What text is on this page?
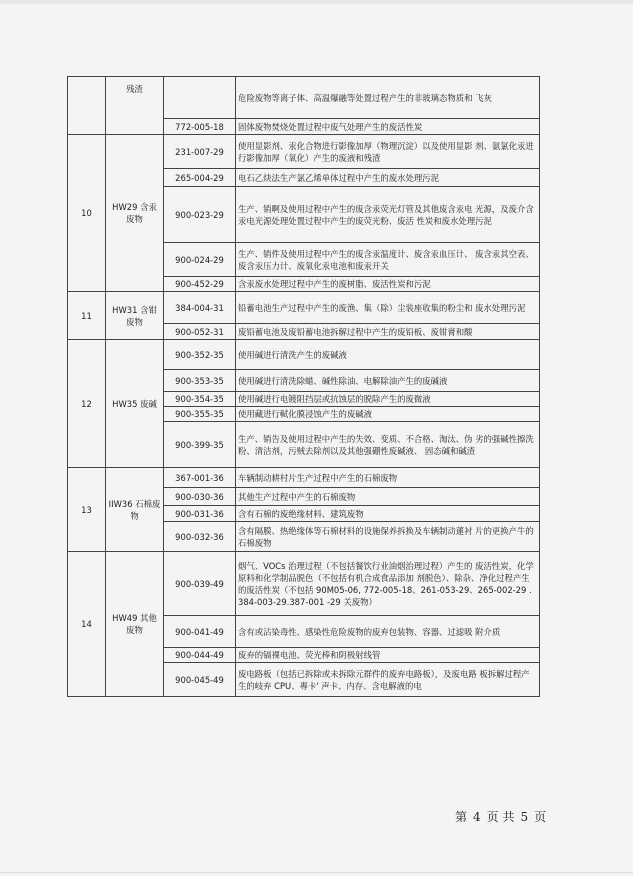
	残渣		危险废物等离子体、高温爆融等处置过程产生的非玻璃态物质和 飞灰
		772-005-18	固体废物焚烧处置过程中废气处理产生的废活性炭
10	HW29 含汞废物	231-007-29	使用显影剂、汞化合物进行影像加厚（物理沉淀）以及使用显影 剂、氨氯化汞进行影像加厚（氧化）产生的废液和残渣
		265-004-29	电石乙炔法生产氯乙烯单体过程中产生的废水处理污泥
		900-023-29	生产、销啊及使用过程中产生的废含汞荧光灯管及其他废含汞电 光源，及废介含汞电光源处理处置过程中产生的废荧光粉、废活 性炭和废水处理污泥
		900-024-29	生产、销件及使用过程中产生的废含汞温度计、废含汞血压计、 废含汞其空表、废含汞压力计、废氧化汞电池和废汞开关
		900-452-29	含汞废水处理过程中产生的废树脂、废活性炭和污泥
11	HW31 含钳废物	384-004-31	铅蓄电池生产过程中产生的废渔、集（除）尘装座收集的粉尘和 废水处理污泥
		900-052-31	废铅蓄电池及废铅蓄电池拆解过程中产生的废铅板、废钳膏和酸
12	HW35 废碱	900-352-35	使用碱进行清洗产生的废碱液
		900-353-35	使用碱进行清洗除蜡、碱性除油、电解除油产生的废碱液
		900-354-35	使用碱进行电镀阻挡层或抗蚀层的脱除产生的废微液
		900-355-35	使用藏进行軾化膜浸蚀产生的废碱液
		900-399-35	生产、销告及使用过程中产生的失效、变质、不合格、淘汰、伪 劣的强碱性擦洗粉、清洁剂，污贼去除剂以及其他强硼性废碱液、 固态碱和碱渣
13	IIW36 石棉废物	367-001-36	车辆制动耕村片生产过程中产生的石棉废物
		900-030-36	其他生产过程中产生的石棉废物
		900-031-36	含有石棉的废绝缘材料、建筑废物
		900-032-36	含有隔膜、热绝缘体等石棉材料的设施保养拆换及车辆制动蓮衬 片的更换产牛的石棉废物
14	HW49 其他废物	900-039-49	烟气、VOCs 治理过程（不包括餐饮行业油烟治理过程）产生的 废活性炭，化学原料和化学制品脱色（不包括有机合成食品添加 剂脱色）、除杂、净化过程产生的废活性炭（不包括 90M05-06, 772-005-18、261-053-29、265-002-29 . 384-003-29.387-001 -29 关废物）
		900-041-49	含有或沾染毒性、感染性危险废物的废弃包装物、容器、过滤吸 附介质
		900-044-49	废弃的镉裸电池、荧光棒和阴极射线管
		900-045-49	废电路板（包括已拆除或未拆除元群件的废弃电路板），及废电路 板拆解过程产生的岐弃 CPU、專卡' 声卡、内存、含电解液的电
第 4 页 共 5 页
